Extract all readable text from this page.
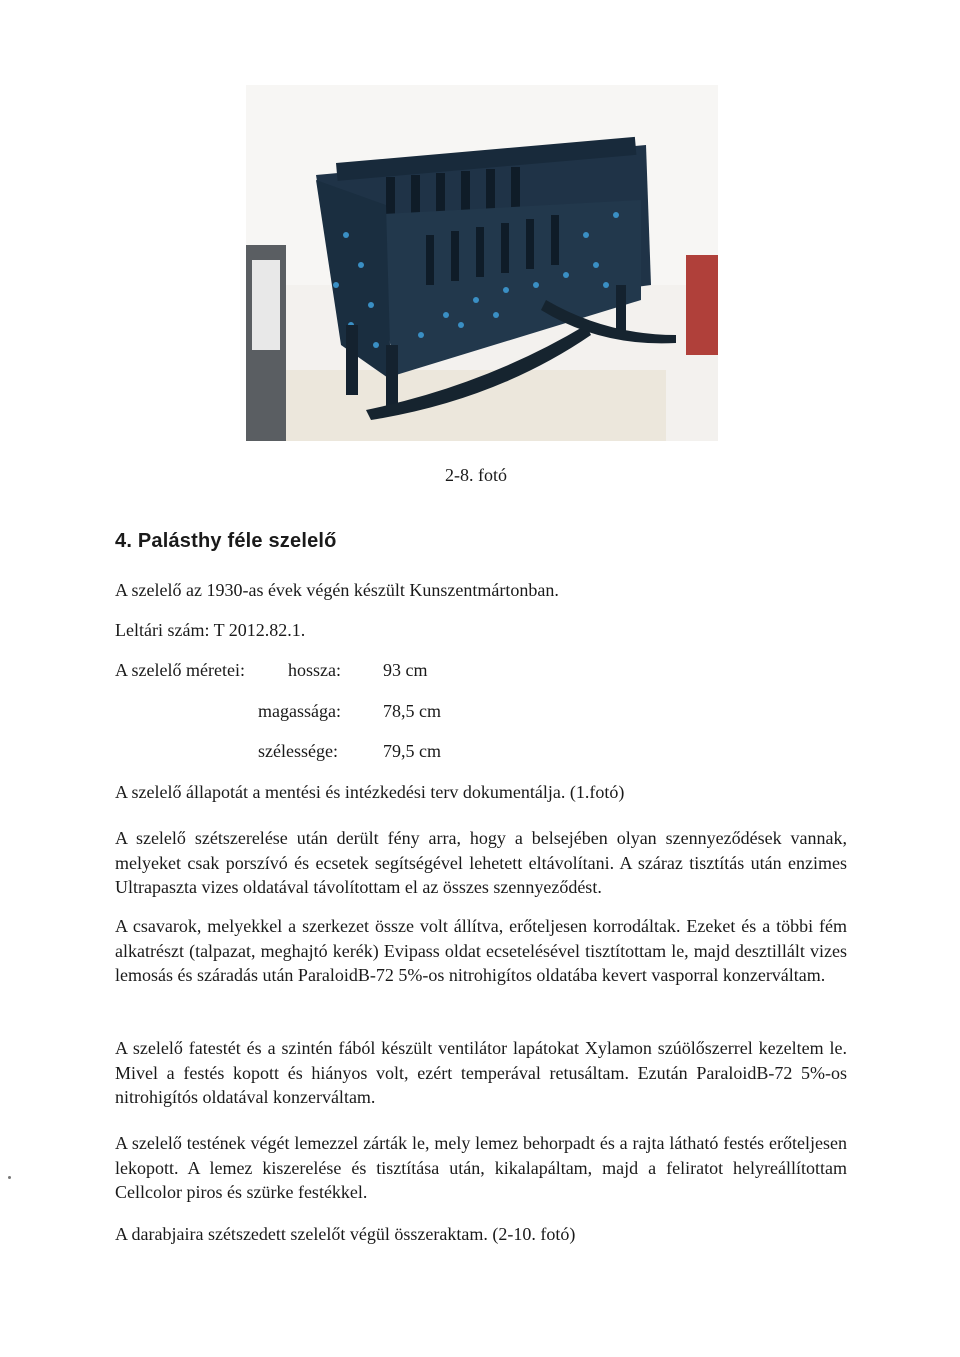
2-8. fotó
4. Palásthy féle szelelő
A szelelő az 1930-as évek végén készült Kunszentmártonban.
Leltári szám: T 2012.82.1.
A szelelő méretei: hossza: 93 cm
magassága: 78,5 cm
szélessége:	79,5 cm
A szelelő állapotát a mentési és intézkedési terv dokumentálja. (1.fotó)

A szelelő szétszerelése után derült fény arra, hogy a belsejében olyan szennyeződések vannak, melyeket csak porszívó és ecsetek segítségével lehetett eltávolítani. A száraz tisztítás után enzimes Ultrapaszta vizes oldatával távolítottam el az összes szennyeződést.

A csavarok, melyekkel a szerkezet össze volt állítva, erőteljesen korrodáltak. Ezeket és a többi fém alkatrészt (talpazat, meghajtó kerék) Evipass oldat ecsetelésével tisztítottam le, majd desztillált vizes lemosás és száradás után ParaloidB-72 5%-os nitrohigítos oldatába kevert vasporral konzerváltam.

A szelelő fatestét és a szintén fából készült ventilátor lapátokat Xylamon szúölőszerrel kezeltem le. Mivel a festés kopott és hiányos volt, ezért temperával retusáltam. Ezután ParaloidB-72 5%-os nitrohigítós oldatával konzerváltam.

A szelelő testének végét lemezzel zárták le, mely lemez behorpadt és a rajta látható festés erőteljesen lekopott. A lemez kiszerelése és tisztítása után, kikalapáltam, majd a feliratot helyreállítottam Cellcolor piros és szürke festékkel.

A darabjaira szétszedett szelelőt végül összeraktam. (2-10. fotó)
